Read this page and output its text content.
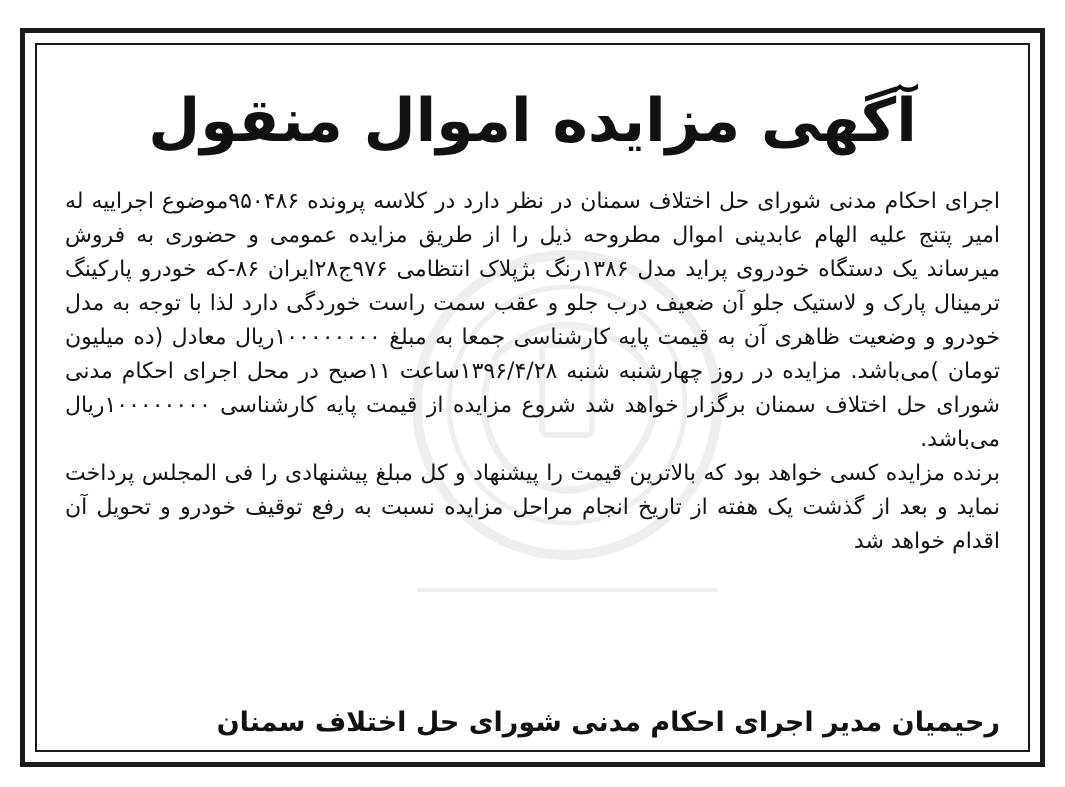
آگهی مزایده اموال منقول

اجرای احکام مدنی شورای حل اختلاف سمنان در نظر دارد در کلاسه پرونده ۹۵۰۴۸۶موضوع اجراییه له امیر پتنج علیه الهام عابدینی اموال مطروحه ذیل را از طریق مزایده عمومی و حضوری به فروش میرساند یک دستگاه خودروی پراید مدل ۱۳۸۶رنگ بژپلاک انتظامی ۹۷۶ج۲۸ایران ۸۶-که خودرو پارکینگ ترمینال پارک و لاستیک جلو آن ضعیف درب جلو و عقب سمت راست خوردگی دارد لذا با توجه به مدل خودرو و وضعیت ظاهری آن به قیمت پایه کارشناسی جمعا به مبلغ ۱۰۰۰۰۰۰۰۰ریال معادل (ده میلیون تومان )می‌باشد. مزایده در روز چهارشنبه شنبه ۱۳۹۶/۴/۲۸ساعت ۱۱صبح در محل اجرای احکام مدنی شورای حل اختلاف سمنان برگزار خواهد شد شروع مزایده از قیمت پایه کارشناسی ۱۰۰۰۰۰۰۰۰ریال می‌باشد.

برنده مزایده کسی خواهد بود که بالاترین قیمت را پیشنهاد و کل مبلغ پیشنهادی را فی المجلس پرداخت نماید و بعد از گذشت یک هفته از تاریخ انجام مراحل مزایده نسبت به رفع توقیف خودرو و تحویل آن اقدام خواهد شد

رحیمیان مدیر اجرای احکام مدنی شورای حل اختلاف سمنان
